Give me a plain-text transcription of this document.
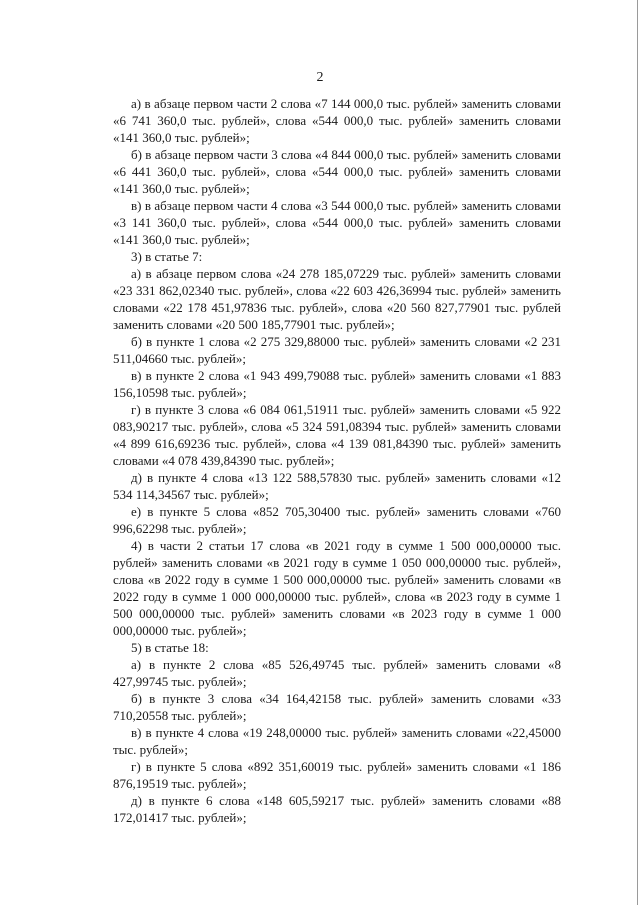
2

а) в абзаце первом части 2 слова «7 144 000,0 тыс. рублей» заменить словами «6 741 360,0 тыс. рублей», слова «544 000,0 тыс. рублей» заменить словами «141 360,0 тыс. рублей»;

б) в абзаце первом части 3 слова «4 844 000,0 тыс. рублей» заменить словами «6 441 360,0 тыс. рублей», слова «544 000,0 тыс. рублей» заменить словами «141 360,0 тыс. рублей»;

в) в абзаце первом части 4 слова «3 544 000,0 тыс. рублей» заменить словами «3 141 360,0 тыс. рублей», слова «544 000,0 тыс. рублей» заменить словами «141 360,0 тыс. рублей»;

3) в статье 7:

а) в абзаце первом слова «24 278 185,07229 тыс. рублей» заменить словами «23 331 862,02340 тыс. рублей», слова «22 603 426,36994 тыс. рублей» заменить словами «22 178 451,97836 тыс. рублей», слова «20 560 827,77901 тыс. рублей заменить словами «20 500 185,77901 тыс. рублей»;

б) в пункте 1 слова «2 275 329,88000 тыс. рублей» заменить словами «2 231 511,04660 тыс. рублей»;

в) в пункте 2 слова «1 943 499,79088 тыс. рублей» заменить словами «1 883 156,10598 тыс. рублей»;

г) в пункте 3 слова «6 084 061,51911 тыс. рублей» заменить словами «5 922 083,90217 тыс. рублей», слова «5 324 591,08394 тыс. рублей» заменить словами «4 899 616,69236 тыс. рублей», слова «4 139 081,84390 тыс. рублей» заменить словами «4 078 439,84390 тыс. рублей»;

д) в пункте 4 слова «13 122 588,57830 тыс. рублей» заменить словами «12 534 114,34567 тыс. рублей»;

е) в пункте 5 слова «852 705,30400 тыс. рублей» заменить словами «760 996,62298 тыс. рублей»;

4) в части 2 статьи 17 слова «в 2021 году в сумме 1 500 000,00000 тыс. рублей» заменить словами «в 2021 году в сумме 1 050 000,00000 тыс. рублей», слова «в 2022 году в сумме 1 500 000,00000 тыс. рублей» заменить словами «в 2022 году в сумме 1 000 000,00000 тыс. рублей», слова «в 2023 году в сумме 1 500 000,00000 тыс. рублей» заменить словами «в 2023 году в сумме 1 000 000,00000 тыс. рублей»;

5) в статье 18:

а) в пункте 2 слова «85 526,49745 тыс. рублей» заменить словами «8 427,99745 тыс. рублей»;

б) в пункте 3 слова «34 164,42158 тыс. рублей» заменить словами «33 710,20558 тыс. рублей»;

в) в пункте 4 слова «19 248,00000 тыс. рублей» заменить словами «22,45000 тыс. рублей»;

г) в пункте 5 слова «892 351,60019 тыс. рублей» заменить словами «1 186 876,19519 тыс. рублей»;

д) в пункте 6 слова «148 605,59217 тыс. рублей» заменить словами «88 172,01417 тыс. рублей»;
